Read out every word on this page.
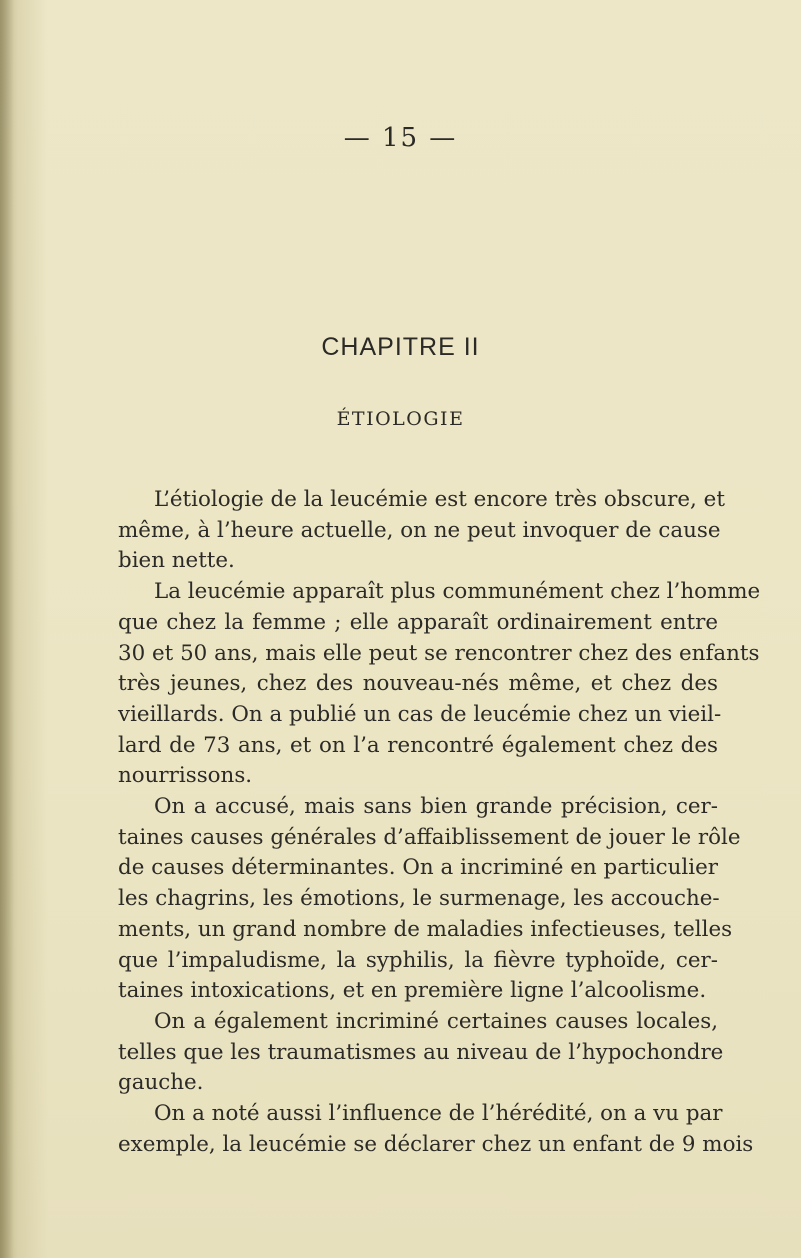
— 15 —
CHAPITRE II
ÉTIOLOGIE
L’étiologie de la leucémie est encore très obscure, et
même, à l’heure actuelle, on ne peut invoquer de cause
bien nette.
La leucémie apparaît plus communément chez l’homme
que chez la femme ; elle apparaît ordinairement entre
30 et 50 ans, mais elle peut se rencontrer chez des enfants
très jeunes, chez des nouveau-nés même, et chez des
vieillards. On a publié un cas de leucémie chez un vieil-
lard de 73 ans, et on l’a rencontré également chez des
nourrissons.
On a accusé, mais sans bien grande précision, cer-
taines causes générales d’affaiblissement de jouer le rôle
de causes déterminantes. On a incriminé en particulier
les chagrins, les émotions, le surmenage, les accouche-
ments, un grand nombre de maladies infectieuses, telles
que l’impaludisme, la syphilis, la fièvre typhoïde, cer-
taines intoxications, et en première ligne l’alcoolisme.
On a également incriminé certaines causes locales,
telles que les traumatismes au niveau de l’hypochondre
gauche.
On a noté aussi l’influence de l’hérédité, on a vu par
exemple, la leucémie se déclarer chez un enfant de 9 mois
